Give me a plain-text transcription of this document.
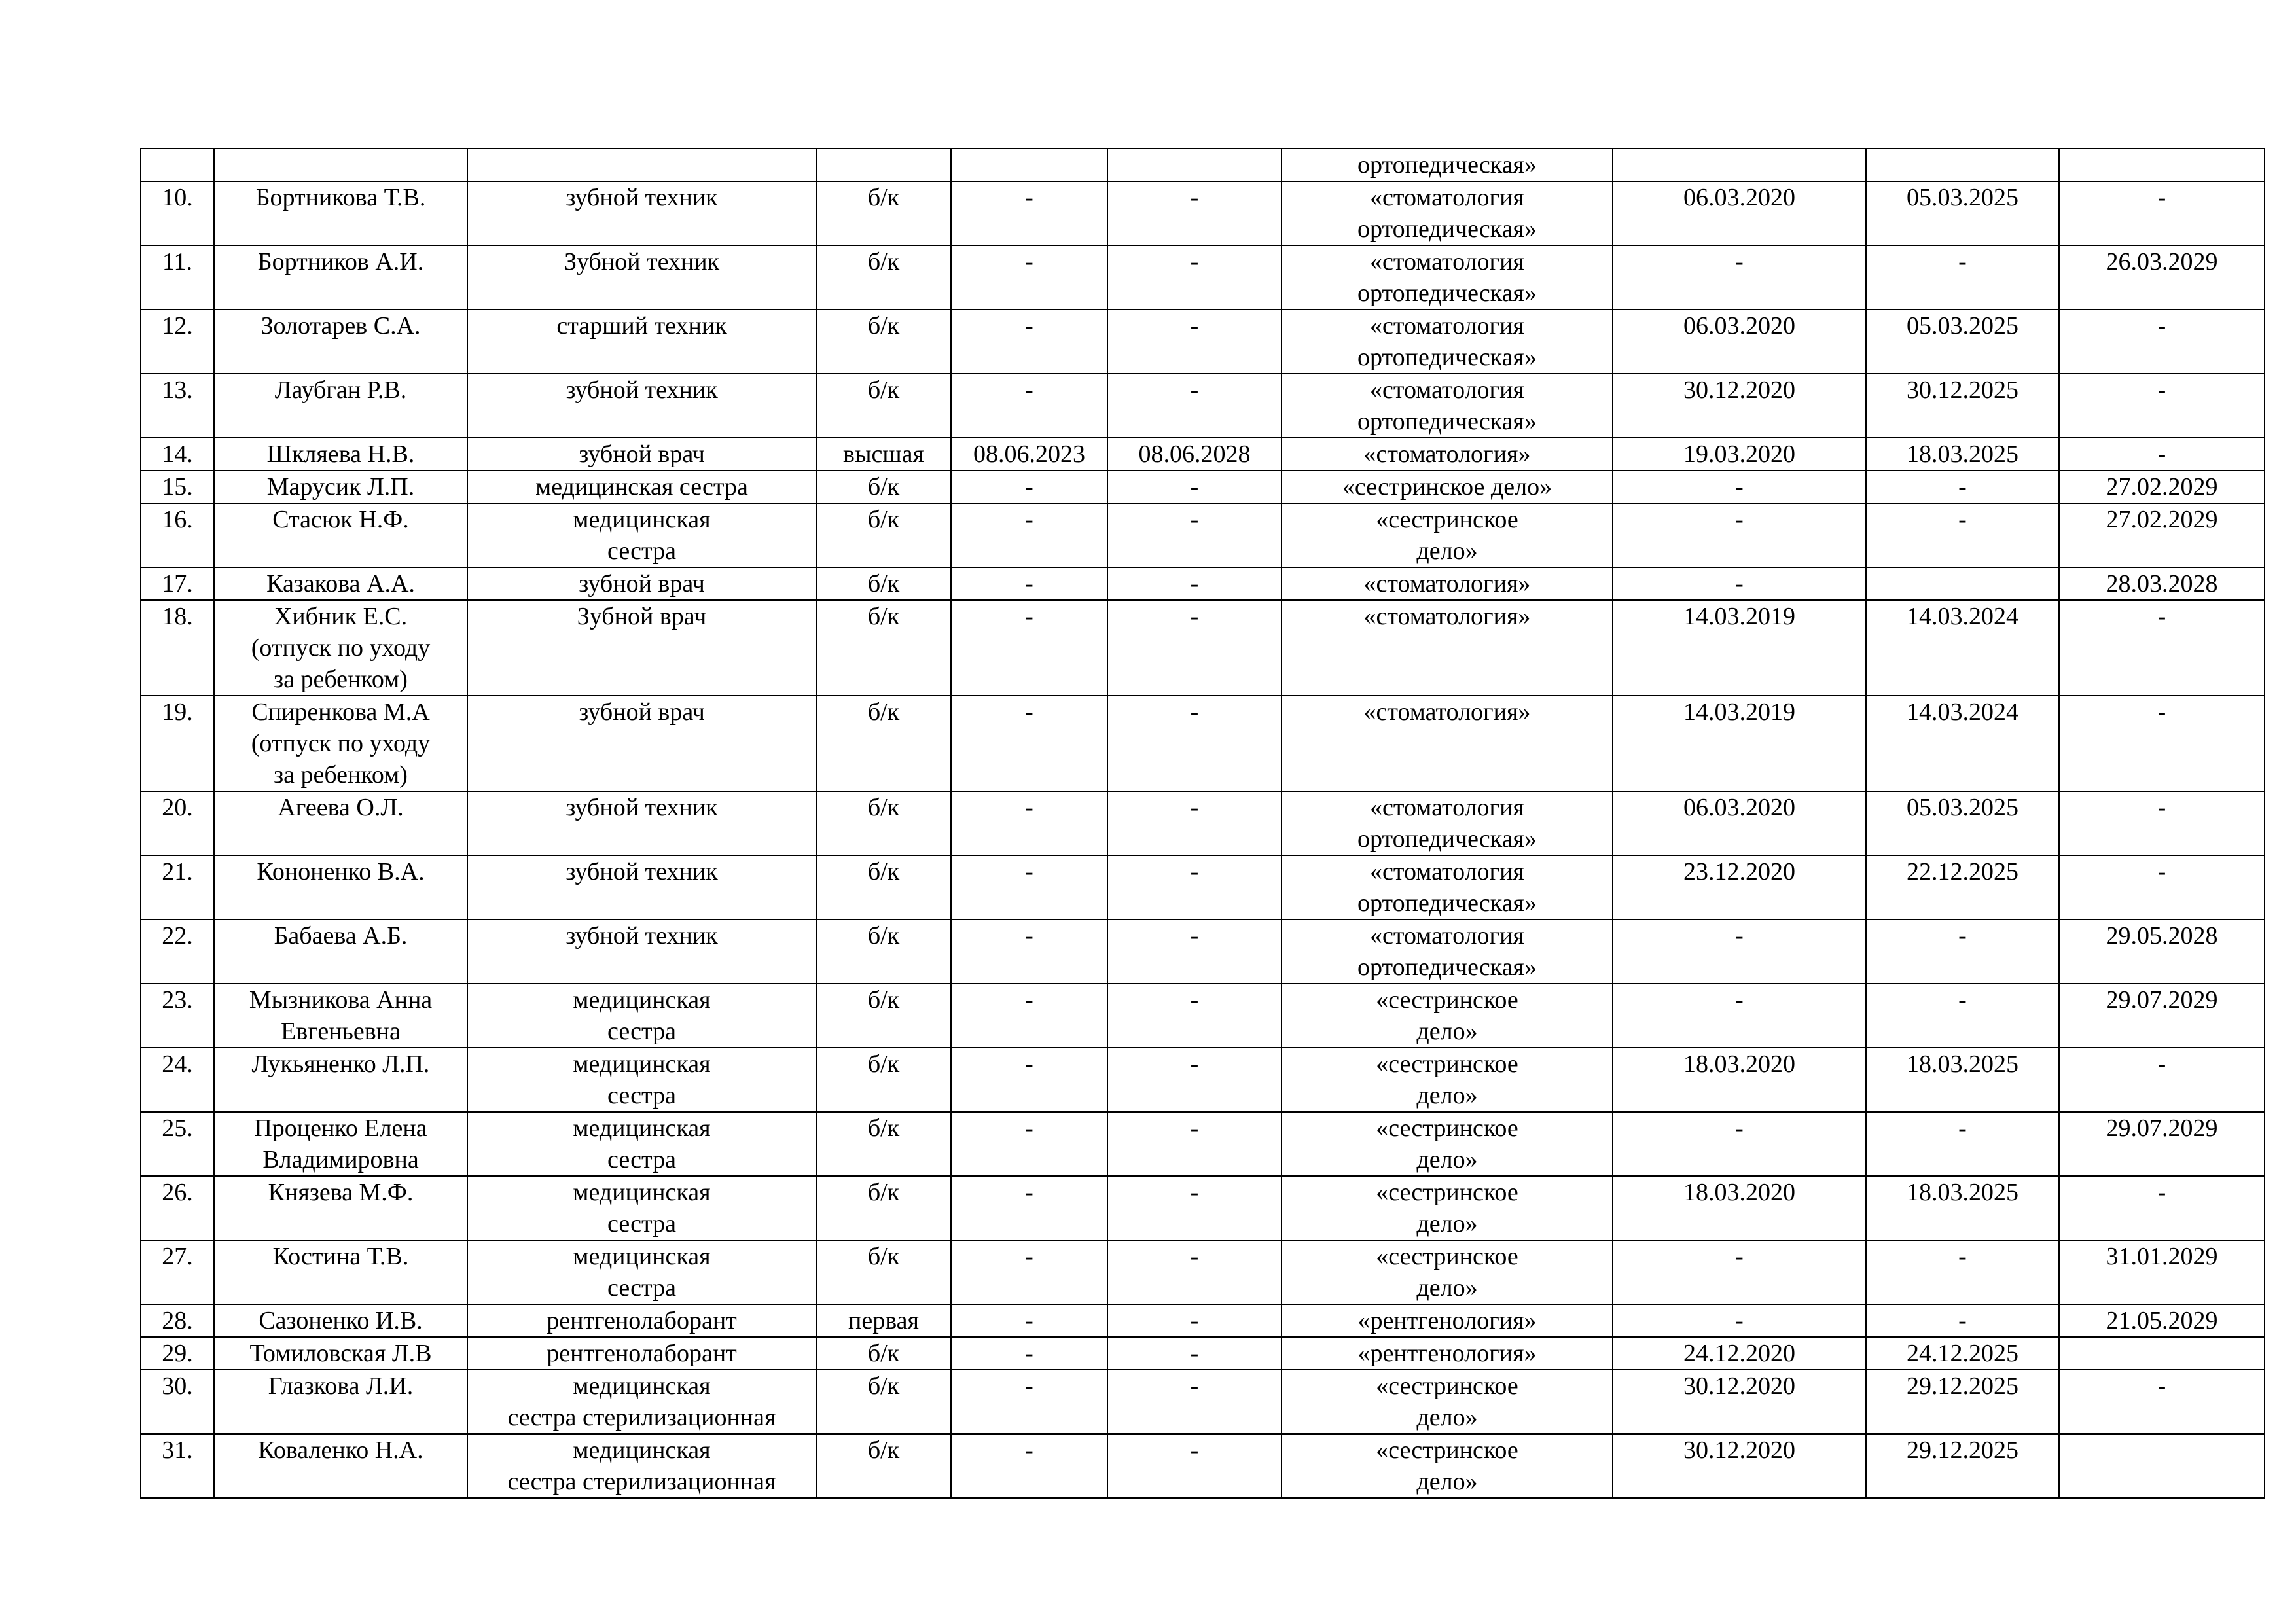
						ортопедическая»			

10.	Бортникова Т.В.	зубной техник	б/к	-	-	«стоматология
ортопедическая»	06.03.2020	05.03.2025	-

11.	Бортников А.И.	Зубной техник	б/к	-	-	«стоматология
ортопедическая»	-	-	26.03.2029

12.	Золотарев С.А.	старший техник	б/к	-	-	«стоматология
ортопедическая»	06.03.2020	05.03.2025	-

13.	Лаубган Р.В.	зубной техник	б/к	-	-	«стоматология
ортопедическая»	30.12.2020	30.12.2025	-

14.	Шкляева Н.В.	зубной врач	высшая	08.06.2023	08.06.2028	«стоматология»	19.03.2020	18.03.2025	-

15.	Марусик Л.П.	медицинская сестра	б/к	-	-	«сестринское дело»	-	-	27.02.2029

16.	Стасюк Н.Ф.	медицинская
сестра	б/к	-	-	«сестринское
дело»	-	-	27.02.2029

17.	Казакова А.А.	зубной врач	б/к	-	-	«стоматология»	-		28.03.2028

18.	Хибник Е.С.
(отпуск по уходу
за ребенком)	Зубной врач	б/к	-	-	«стоматология»	14.03.2019	14.03.2024	-

19.	Спиренкова М.А
(отпуск по уходу
за ребенком)	зубной врач	б/к	-	-	«стоматология»	14.03.2019	14.03.2024	-

20.	Агеева О.Л.	зубной техник	б/к	-	-	«стоматология
ортопедическая»	06.03.2020	05.03.2025	-

21.	Кононенко В.А.	зубной техник	б/к	-	-	«стоматология
ортопедическая»	23.12.2020	22.12.2025	-

22.	Бабаева А.Б.	зубной техник	б/к	-	-	«стоматология
ортопедическая»	-	-	29.05.2028

23.	Мызникова Анна
Евгеньевна	медицинская
сестра	б/к	-	-	«сестринское
дело»	-	-	29.07.2029

24.	Лукьяненко Л.П.	медицинская
сестра	б/к	-	-	«сестринское
дело»	18.03.2020	18.03.2025	-

25.	Проценко Елена
Владимировна	медицинская
сестра	б/к	-	-	«сестринское
дело»	-	-	29.07.2029

26.	Князева М.Ф.	медицинская
сестра	б/к	-	-	«сестринское
дело»	18.03.2020	18.03.2025	-

27.	Костина Т.В.	медицинская
сестра	б/к	-	-	«сестринское
дело»	-	-	31.01.2029

28.	Сазоненко И.В.	рентгенолаборант	первая	-	-	«рентгенология»	-	-	21.05.2029

29.	Томиловская Л.В	рентгенолаборант	б/к	-	-	«рентгенология»	24.12.2020	24.12.2025	

30.	Глазкова Л.И.	медицинская
сестра стерилизационная	б/к	-	-	«сестринское
дело»	30.12.2020	29.12.2025	-

31.	Коваленко Н.А.	медицинская
сестра стерилизационная	б/к	-	-	«сестринское
дело»	30.12.2020	29.12.2025	
